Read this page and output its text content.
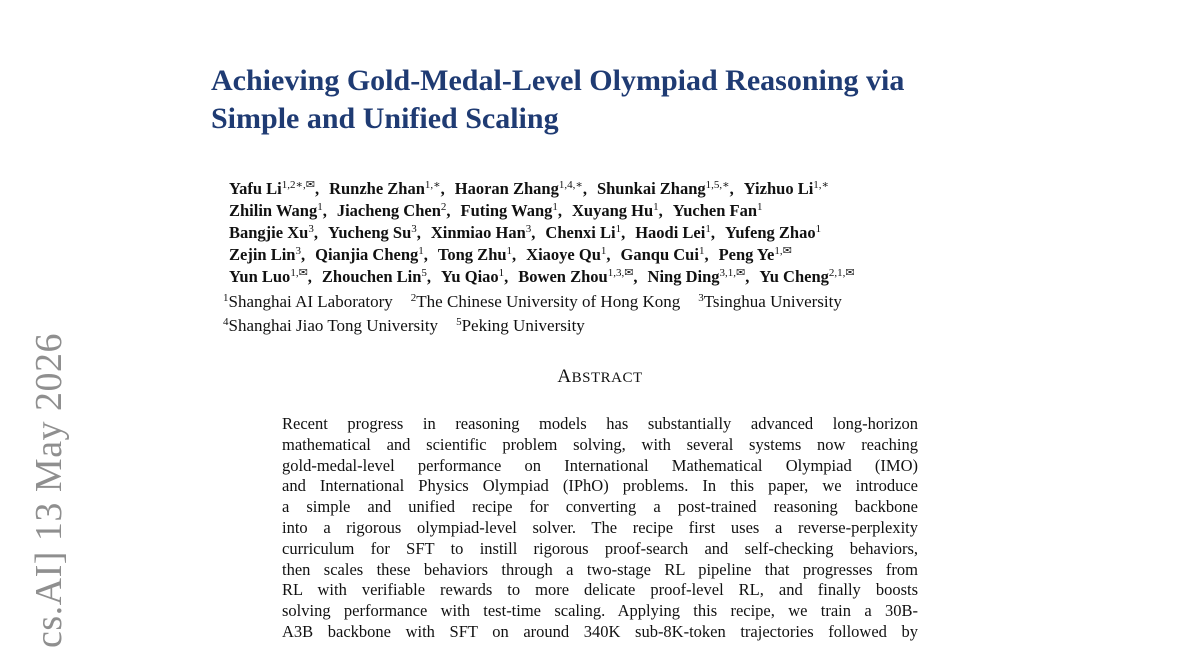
cs.AI] 13 May 2026
Achieving Gold-Medal-Level Olympiad Reasoning via
Simple and Unified Scaling
Yafu $Li^{1,2∗,✉}$, Runzhe Zhan$^{1,∗}$, Haoran Zhang$^{1,4,∗}$, Shunkai Zhang$^{1,5,∗}$, Yizhuo $Li^{1,∗}$
Zhilin Wang$^1$, Jiacheng Chen$^2$, Futing Wang$^1$, Xuyang Hu$^1$, Yuchen Fan$^1$
Bangjie Xu$^3$, Yucheng Su$^3$, Xinmiao Han$^3$, Chenxi Li$^1$, Haodi Lei$^1$, Yufeng Zhao$^1$
Zejin Lin$^3$, Qianjia Cheng$^1$, Tong Zhu$^1$, Xiaoye Qu$^1$, Ganqu Cui$^1$, Peng $Ye^{1,✉}$
Yun Luo$^{1,✉}$, Zhouchen Lin$^5$, Yu Qiao$^1$, Bowen Zhou$^{1,3,✉}$, Ning Ding$^{3,1,✉}$, Yu Cheng$^{2,1,✉}$
$^1$Shanghai AI Laboratory $^2$The Chinese University of Hong Kong $^3$Tsinghua University
$^4$Shanghai Jiao Tong University $^5$Peking University
ABSTRACT
Recent progress in reasoning models has substantially advanced long-horizon
mathematical and scientific problem solving, with several systems now reaching
gold-medal-level performance on International Mathematical Olympiad (IMO)
and International Physics Olympiad (IPhO) problems. In this paper, we introduce
a simple and unified recipe for converting a post-trained reasoning backbone
into a rigorous olympiad-level solver. The recipe first uses a reverse-perplexity
curriculum for SFT to instill rigorous proof-search and self-checking behaviors,
then scales these behaviors through a two-stage RL pipeline that progresses from
RL with verifiable rewards to more delicate proof-level RL, and finally boosts
solving performance with test-time scaling. Applying this recipe, we train a 30B-
A3B backbone with SFT on around 340K sub-8K-token trajectories followed by
